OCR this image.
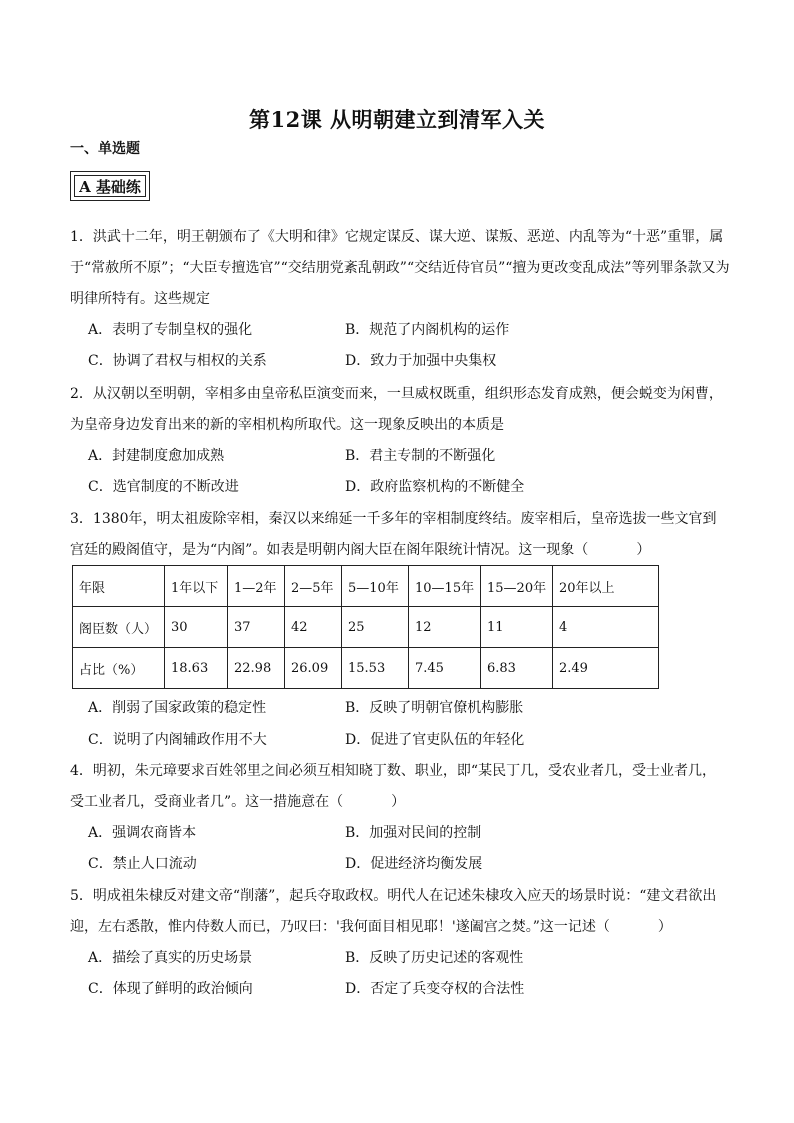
第12课 从明朝建立到清军入关
一、单选题
A 基础练
1．洪武十二年，明王朝颁布了《大明和律》它规定谋反、谋大逆、谋叛、恶逆、内乱等为“十恶”重罪，属于“常赦所不原”；“大臣专擅选官”“交结朋党紊乱朝政”“交结近侍官员”“擅为更改变乱成法”等列罪条款又为明律所特有。这些规定
A．表明了专制皇权的强化	B．规范了内阁机构的运作
C．协调了君权与相权的关系	D．致力于加强中央集权
2．从汉朝以至明朝，宰相多由皇帝私臣演变而来，一旦威权既重，组织形态发育成熟，便会蜕变为闲曹，为皇帝身边发育出来的新的宰相机构所取代。这一现象反映出的本质是
A．封建制度愈加成熟	B．君主专制的不断强化
C．选官制度的不断改进	D．政府监察机构的不断健全
3．1380年，明太祖废除宰相，秦汉以来绵延一千多年的宰相制度终结。废宰相后，皇帝选拔一些文官到宫廷的殿阁值守，是为“内阁”。如表是明朝内阁大臣在阁年限统计情况。这一现象（	）
年限	1年以下	1—2年	2—5年	5—10年	10—15年	15—20年	20年以上
阁臣数（人）	30	37	42	25	12	11	4
占比（%）	18.63	22.98	26.09	15.53	7.45	6.83	2.49
A．削弱了国家政策的稳定性	B．反映了明朝官僚机构膨胀
C．说明了内阁辅政作用不大	D．促进了官吏队伍的年轻化
4．明初，朱元璋要求百姓邻里之间必须互相知晓丁数、职业，即“某民丁几，受农业者几，受士业者几，受工业者几，受商业者几”。这一措施意在（	）
A．强调农商皆本	B．加强对民间的控制
C．禁止人口流动	D．促进经济均衡发展
5．明成祖朱棣反对建文帝“削藩”，起兵夺取政权。明代人在记述朱棣攻入应天的场景时说：“建文君欲出迎，左右悉散，惟内侍数人而已，乃叹曰：'我何面目相见耶！'遂阖宫之焚。”这一记述（	）
A．描绘了真实的历史场景	B．反映了历史记述的客观性
C．体现了鲜明的政治倾向	D．否定了兵变夺权的合法性
